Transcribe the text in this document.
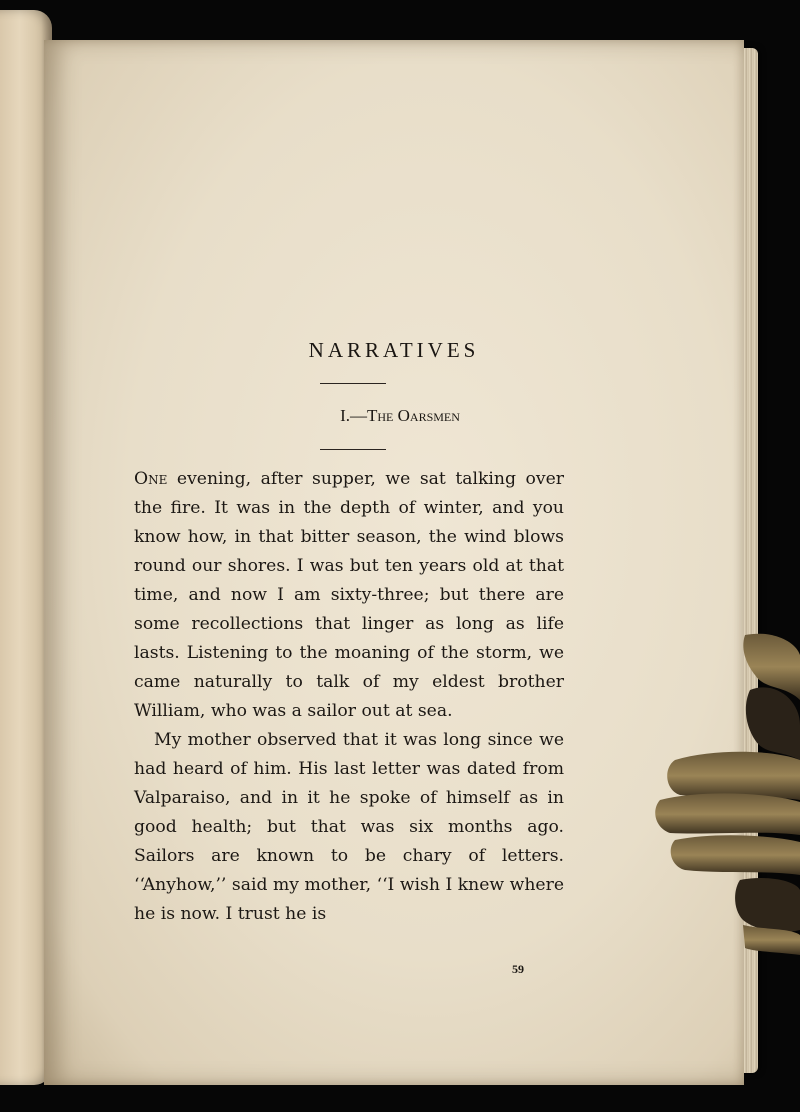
NARRATIVES
I.—The Oarsmen

One evening, after supper, we sat talking over the fire. It was in the depth of winter, and you know how, in that bitter season, the wind blows round our shores. I was but ten years old at that time, and now I am sixty-three; but there are some recollections that linger as long as life lasts. Listening to the moaning of the storm, we came naturally to talk of my eldest brother William, who was a sailor out at sea.

My mother observed that it was long since we had heard of him. His last letter was dated from Valparaiso, and in it he spoke of himself as in good health; but that was six months ago. Sailors are known to be chary of letters. ‘‘Anyhow,’’ said my mother, ‘‘I wish I knew where he is now. I trust he is

59
